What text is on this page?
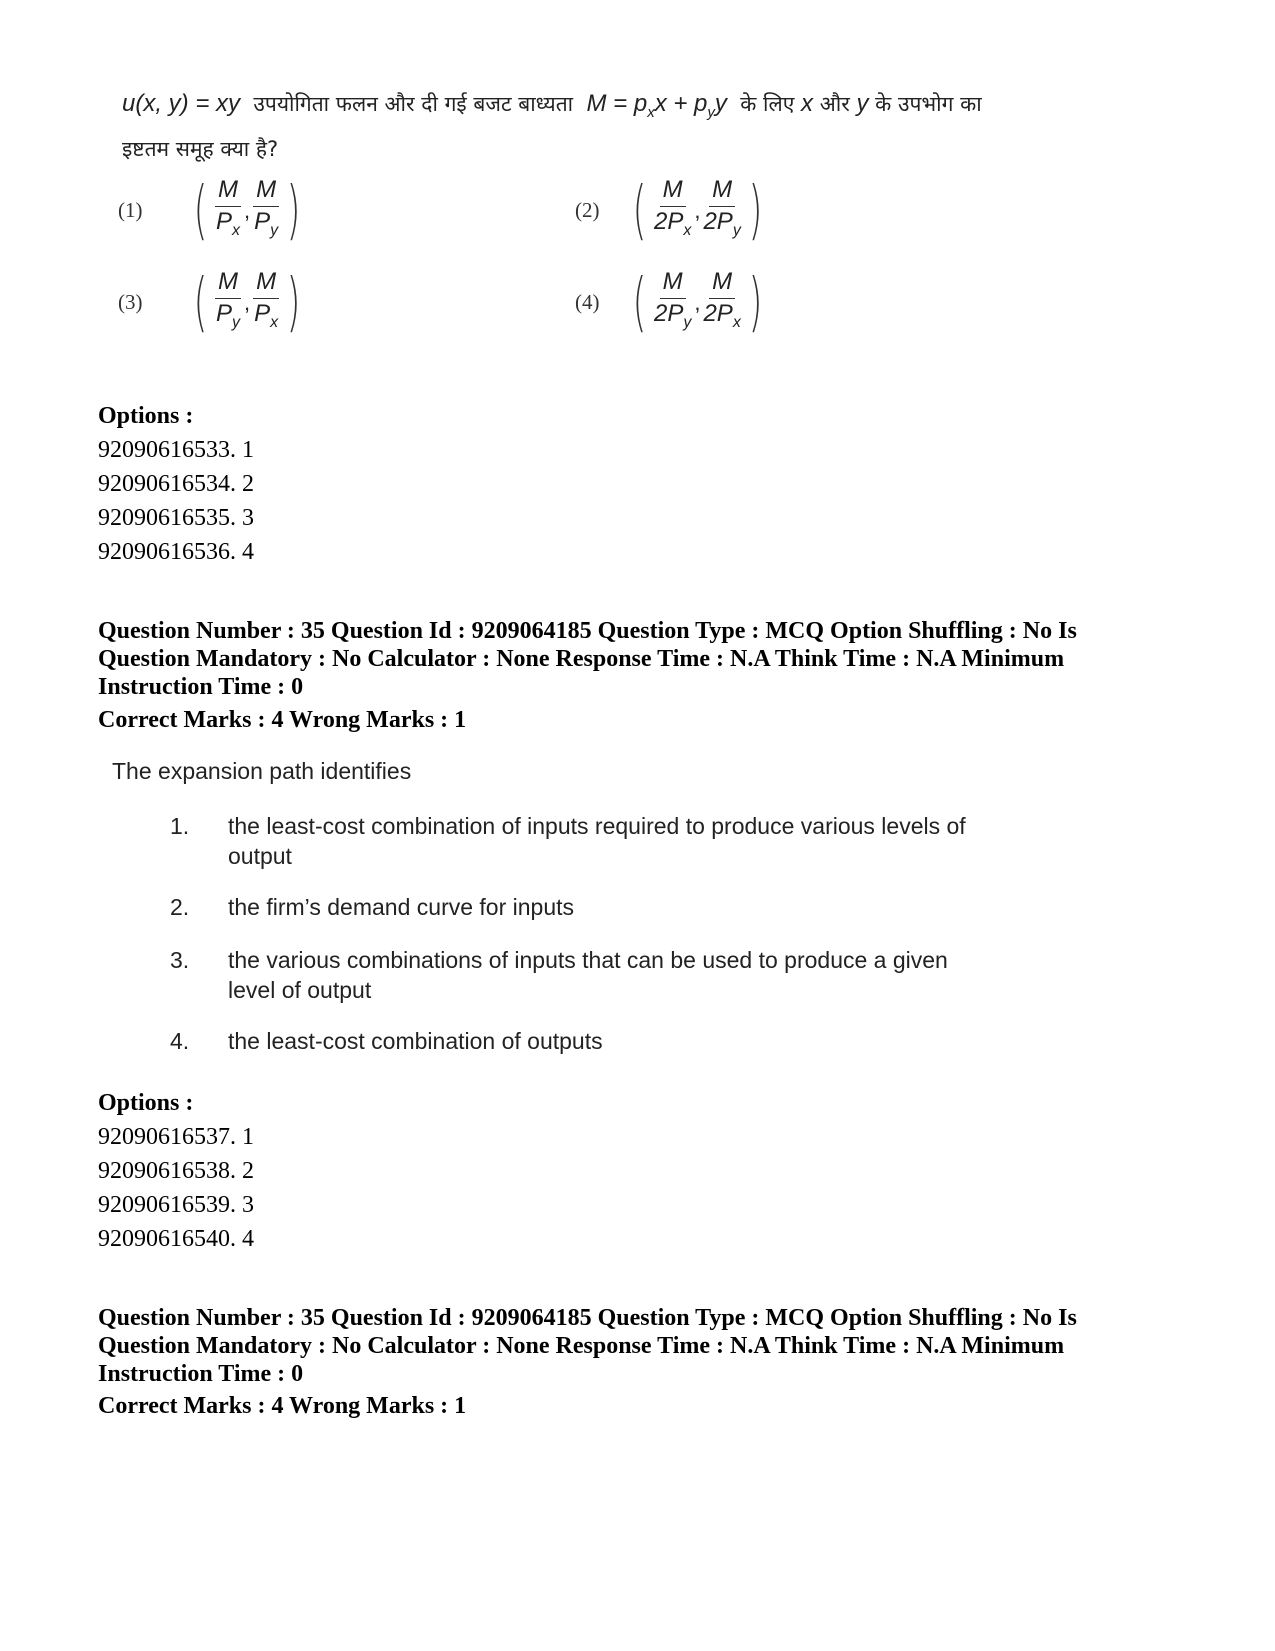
u(x, y) = xy उपयोगिता फलन और दी गई बजट बाध्यता $M = p_xx + p_yy$ के लिए x और y के उपभोग का
इष्टतम समूह क्या है?
(1) ( $\frac{M}{P_x}$ , $\frac{M}{P_y}$ )	(2) ( $\frac{M}{2P_x}$ , $\frac{M}{2P_y}$ )
(3) ( $\frac{M}{P_y}$ , $\frac{M}{P_x}$ )	(4) ( $\frac{M}{2P_y}$ , $\frac{M}{2P_x}$ )
Options :
92090616533. 1
92090616534. 2
92090616535. 3
92090616536. 4
Question Number : 35 Question Id : 9209064185 Question Type : MCQ Option Shuffling : No Is
Question Mandatory : No Calculator : None Response Time : N.A Think Time : N.A Minimum
Instruction Time : 0
Correct Marks : 4 Wrong Marks : 1
The expansion path identifies
1.	the least-cost combination of inputs required to produce various levels of output
2.	the firm’s demand curve for inputs
3.	the various combinations of inputs that can be used to produce a given level of output
4.	the least-cost combination of outputs
Options :
92090616537. 1
92090616538. 2
92090616539. 3
92090616540. 4
Question Number : 35 Question Id : 9209064185 Question Type : MCQ Option Shuffling : No Is
Question Mandatory : No Calculator : None Response Time : N.A Think Time : N.A Minimum
Instruction Time : 0
Correct Marks : 4 Wrong Marks : 1
